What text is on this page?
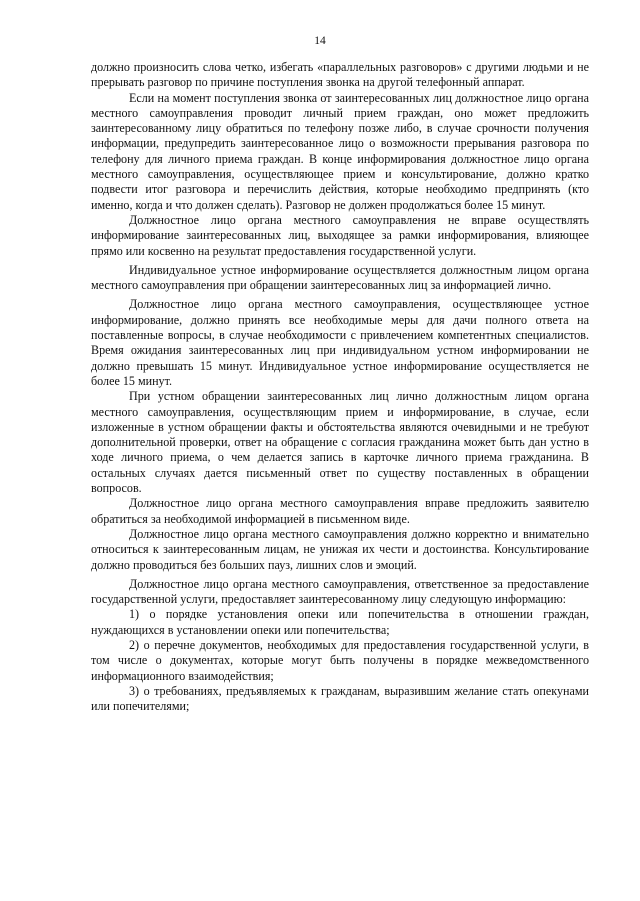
14

должно произносить слова четко, избегать «параллельных разговоров» с другими людьми и не прерывать разговор по причине поступления звонка на другой телефонный аппарат.

Если на момент поступления звонка от заинтересованных лиц должностное лицо органа местного самоуправления проводит личный прием граждан, оно может предложить заинтересованному лицу обратиться по телефону позже либо, в случае срочности получения информации, предупредить заинтересованное лицо о возможности прерывания разговора по телефону для личного приема граждан. В конце информирования должностное лицо органа местного самоуправления, осуществляющее прием и консультирование, должно кратко подвести итог разговора и перечислить действия, которые необходимо предпринять (кто именно, когда и что должен сделать). Разговор не должен продолжаться более 15 минут.

Должностное лицо органа местного самоуправления не вправе осуществлять информирование заинтересованных лиц, выходящее за рамки информирования, влияющее прямо или косвенно на результат предоставления государственной услуги.

Индивидуальное устное информирование осуществляется должностным лицом органа местного самоуправления при обращении заинтересованных лиц за информацией лично.

Должностное лицо органа местного самоуправления, осуществляющее устное информирование, должно принять все необходимые меры для дачи полного ответа на поставленные вопросы, в случае необходимости с привлечением компетентных специалистов. Время ожидания заинтересованных лиц при индивидуальном устном информировании не должно превышать 15 минут. Индивидуальное устное информирование осуществляется не более 15 минут.

При устном обращении заинтересованных лиц лично должностным лицом органа местного самоуправления, осуществляющим прием и информирование, в случае, если изложенные в устном обращении факты и обстоятельства являются очевидными и не требуют дополнительной проверки, ответ на обращение с согласия гражданина может быть дан устно в ходе личного приема, о чем делается запись в карточке личного приема гражданина. В остальных случаях дается письменный ответ по существу поставленных в обращении вопросов.

Должностное лицо органа местного самоуправления вправе предложить заявителю обратиться за необходимой информацией в письменном виде.

Должностное лицо органа местного самоуправления должно корректно и внимательно относиться к заинтересованным лицам, не унижая их чести и достоинства. Консультирование должно проводиться без больших пауз, лишних слов и эмоций.

Должностное лицо органа местного самоуправления, ответственное за предоставление государственной услуги, предоставляет заинтересованному лицу следующую информацию:

1) о порядке установления опеки или попечительства в отношении граждан, нуждающихся в установлении опеки или попечительства;

2) о перечне документов, необходимых для предоставления государственной услуги, в том числе о документах, которые могут быть получены в порядке межведомственного информационного взаимодействия;

3) о требованиях, предъявляемых к гражданам, выразившим желание стать опекунами или попечителями;
